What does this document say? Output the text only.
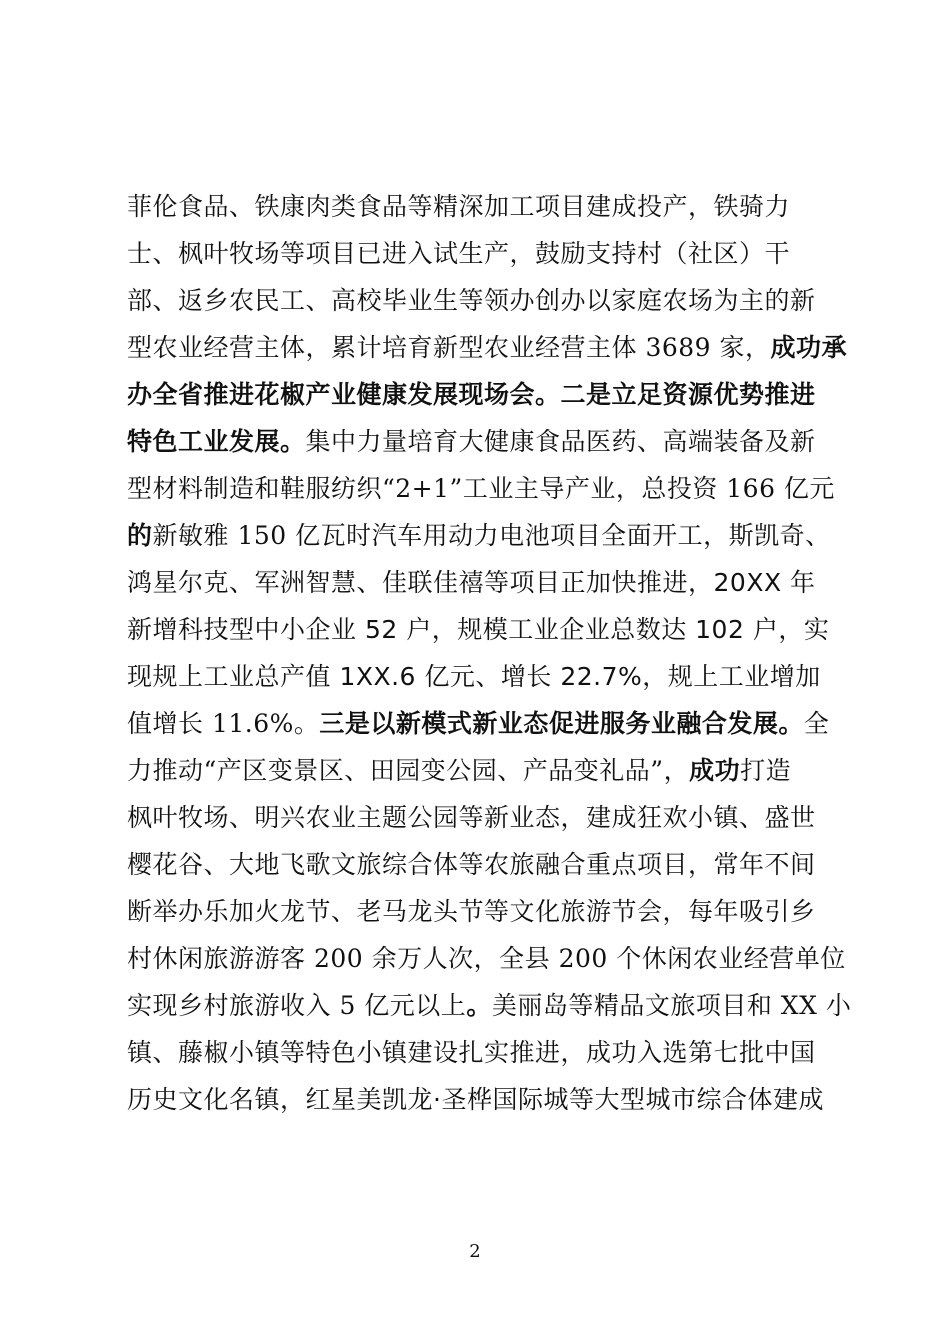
菲伦食品、铁康肉类食品等精深加工项目建成投产，铁骑力
士、枫叶牧场等项目已进入试生产，鼓励支持村（社区）干
部、返乡农民工、高校毕业生等领办创办以家庭农场为主的新
型农业经营主体，累计培育新型农业经营主体 3689 家，成功承
办全省推进花椒产业健康发展现场会。二是立足资源优势推进
特色工业发展。集中力量培育大健康食品医药、高端装备及新
型材料制造和鞋服纺织“2+1”工业主导产业，总投资 166 亿元
的新敏雅 150 亿瓦时汽车用动力电池项目全面开工，斯凯奇、
鸿星尔克、军洲智慧、佳联佳禧等项目正加快推进，20XX 年
新增科技型中小企业 52 户，规模工业企业总数达 102 户，实
现规上工业总产值 1XX.6 亿元、增长 22.7%，规上工业增加
值增长 11.6%。三是以新模式新业态促进服务业融合发展。全
力推动“产区变景区、田园变公园、产品变礼品”，成功打造
枫叶牧场、明兴农业主题公园等新业态，建成狂欢小镇、盛世
樱花谷、大地飞歌文旅综合体等农旅融合重点项目，常年不间
断举办乐加火龙节、老马龙头节等文化旅游节会，每年吸引乡
村休闲旅游游客 200 余万人次，全县 200 个休闲农业经营单位
实现乡村旅游收入 5 亿元以上。美丽岛等精品文旅项目和 XX 小
镇、藤椒小镇等特色小镇建设扎实推进，成功入选第七批中国
历史文化名镇，红星美凯龙·圣桦国际城等大型城市综合体建成
2
